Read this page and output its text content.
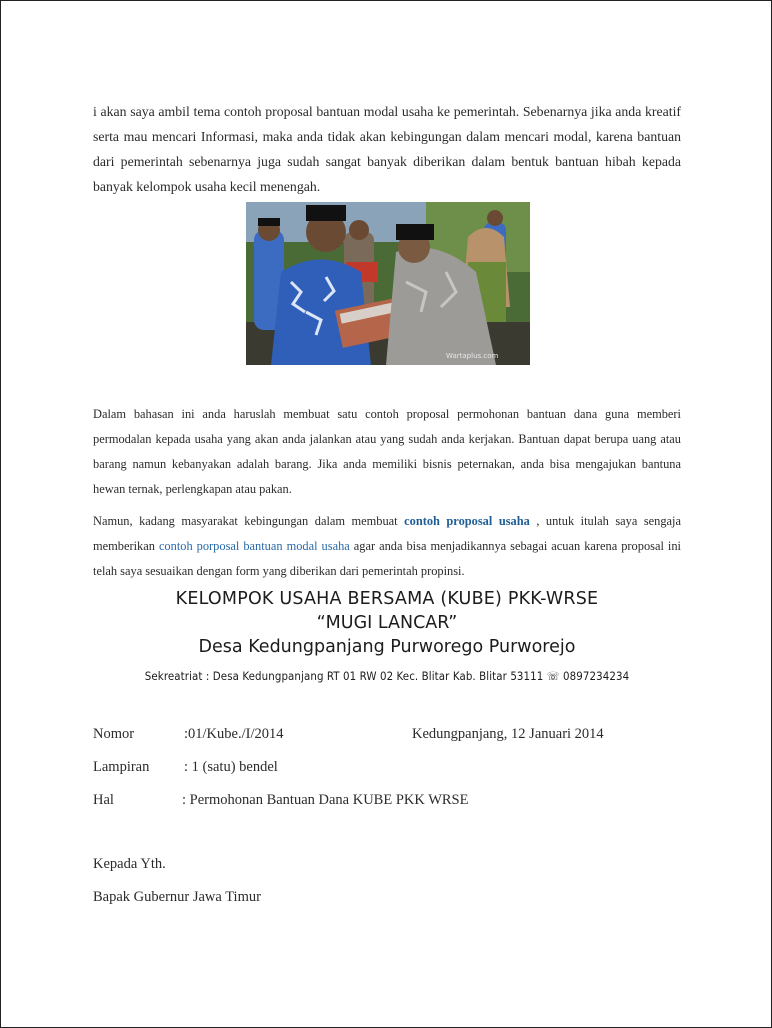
i akan saya ambil tema contoh proposal bantuan modal usaha ke pemerintah. Sebenarnya jika anda kreatif serta mau mencari Informasi, maka anda tidak akan kebingungan dalam mencari modal, karena bantuan dari pemerintah sebenarnya juga sudah sangat banyak diberikan dalam bentuk bantuan hibah kepada banyak kelompok usaha kecil menengah.

Wartaplus.com

Dalam bahasan ini anda haruslah membuat satu contoh proposal permohonan bantuan dana guna memberi permodalan kepada usaha yang akan anda jalankan atau yang sudah anda kerjakan. Bantuan dapat berupa uang atau barang namun kebanyakan adalah barang. Jika anda memiliki bisnis peternakan, anda bisa mengajukan bantuna hewan ternak, perlengkapan atau pakan.

Namun, kadang masyarakat kebingungan dalam membuat contoh proposal usaha , untuk itulah saya sengaja memberikan contoh porposal bantuan modal usaha agar anda bisa menjadikannya sebagai acuan karena proposal ini telah saya sesuaikan dengan form yang diberikan dari pemerintah propinsi.

KELOMPOK USAHA BERSAMA (KUBE) PKK-WRSE
“MUGI LANCAR”
Desa Kedungpanjang Purworego Purworejo
Sekreatriat : Desa Kedungpanjang RT 01 RW 02 Kec. Blitar Kab. Blitar 53111 ☏ 0897234234
Nomor	:01/Kube./I/2014	Kedungpanjang, 12 Januari 2014
Lampiran : 1 (satu) bendel
Hal	: Permohonan Bantuan Dana KUBE PKK WRSE
Kepada Yth.
Bapak Gubernur Jawa Timur
